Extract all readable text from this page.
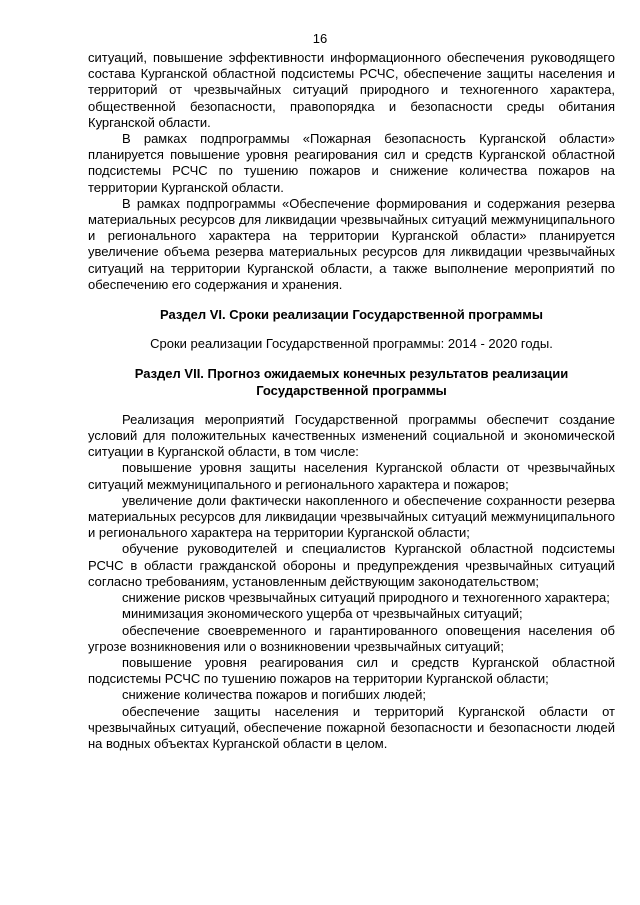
16

ситуаций, повышение эффективности информационного обеспечения руководящего состава Курганской областной подсистемы РСЧС, обеспечение защиты населения и территорий от чрезвычайных ситуаций природного и техногенного характера, общественной безопасности, правопорядка и безопасности среды обитания Курганской области.

В рамках подпрограммы «Пожарная безопасность Курганской области» планируется повышение уровня реагирования сил и средств Курганской областной подсистемы РСЧС по тушению пожаров и снижение количества пожаров на территории Курганской области.

В рамках подпрограммы «Обеспечение формирования и содержания резерва материальных ресурсов для ликвидации чрезвычайных ситуаций межмуниципального и регионального характера на территории Курганской области» планируется увеличение объема резерва материальных ресурсов для ликвидации чрезвычайных ситуаций на территории Курганской области, а также выполнение мероприятий по обеспечению его содержания и хранения.

Раздел VI. Сроки реализации Государственной программы

Сроки реализации Государственной программы: 2014 - 2020 годы.

Раздел VII. Прогноз ожидаемых конечных результатов реализации
Государственной программы

Реализация мероприятий Государственной программы обеспечит создание условий для положительных качественных изменений социальной и экономической ситуации в Курганской области, в том числе:

повышение уровня защиты населения Курганской области от чрезвычайных ситуаций межмуниципального и регионального характера и пожаров;

увеличение доли фактически накопленного и обеспечение сохранности резерва материальных ресурсов для ликвидации чрезвычайных ситуаций межмуниципального и регионального характера на территории Курганской области;

обучение руководителей и специалистов Курганской областной подсистемы РСЧС в области гражданской обороны и предупреждения чрезвычайных ситуаций согласно требованиям, установленным действующим законодательством;

снижение рисков чрезвычайных ситуаций природного и техногенного характера;

минимизация экономического ущерба от чрезвычайных ситуаций;

обеспечение своевременного и гарантированного оповещения населения об угрозе возникновения или о возникновении чрезвычайных ситуаций;

повышение уровня реагирования сил и средств Курганской областной подсистемы РСЧС по тушению пожаров на территории Курганской области;

снижение количества пожаров и погибших людей;

обеспечение защиты населения и территорий Курганской области от чрезвычайных ситуаций, обеспечение пожарной безопасности и безопасности людей на водных объектах Курганской области в целом.
